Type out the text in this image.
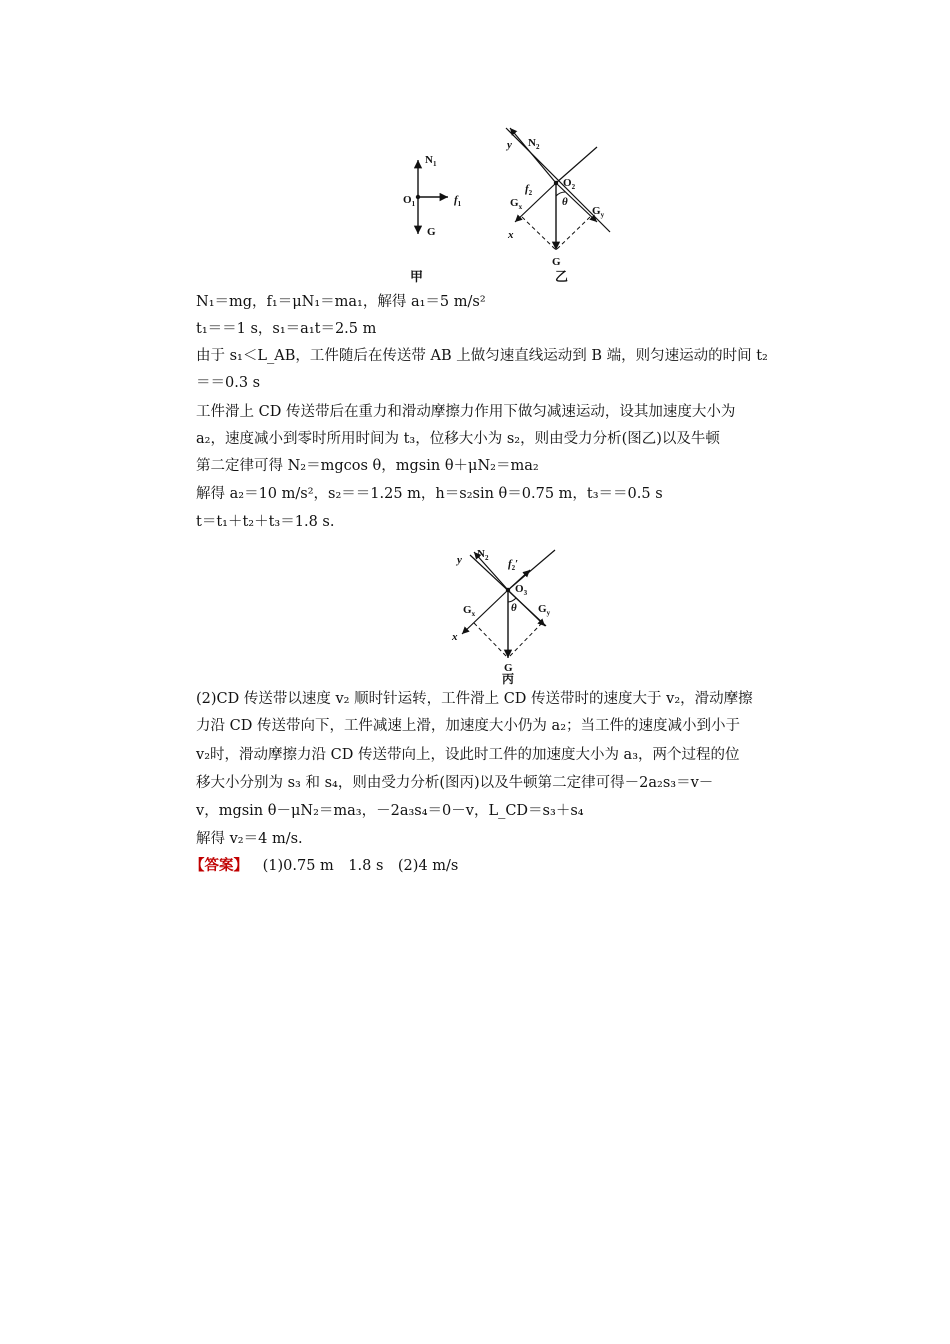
$N_1$
$O_1$	$f_1$
G
甲
y $N_2$
$O_2$
$f_2$
$G_x$	θ
$G_y$
x
G
乙
N₁＝mg，f₁＝μN₁＝ma₁，解得 a₁＝5 m/s²
t₁＝＝1 s，s₁＝a₁t＝2.5 m
由于 s₁＜L_AB，工件随后在传送带 AB 上做匀速直线运动到 B 端，则匀速运动的时间 t₂
＝＝0.3 s
工件滑上 CD 传送带后在重力和滑动摩擦力作用下做匀减速运动，设其加速度大小为
a₂，速度减小到零时所用时间为 t₃，位移大小为 s₂，则由受力分析(图乙)以及牛顿
第二定律可得 N₂＝mgcos θ，mgsin θ＋μN₂＝ma₂
解得 a₂＝10 m/s²，s₂＝＝1.25 m，h＝s₂sin θ＝0.75 m，t₃＝＝0.5 s
t＝t₁＋t₂＋t₃＝1.8 s.
y $N_2$ $f_2'$
$O_3$
θ
$G_x$	$G_y$
x
G
丙
(2)CD 传送带以速度 v₂ 顺时针运转，工件滑上 CD 传送带时的速度大于 v₂，滑动摩擦
力沿 CD 传送带向下，工件减速上滑，加速度大小仍为 a₂；当工件的速度减小到小于
v₂时，滑动摩擦力沿 CD 传送带向上，设此时工件的加速度大小为 a₃，两个过程的位
移大小分别为 s₃ 和 s₄，则由受力分析(图丙)以及牛顿第二定律可得－2a₂s₃＝v－
v，mgsin θ－μN₂＝ma₃，－2a₃s₄＝0－v，L_CD＝s₃＋s₄
解得 v₂＝4 m/s.
【答案】 (1)0.75 m　1.8 s　(2)4 m/s
